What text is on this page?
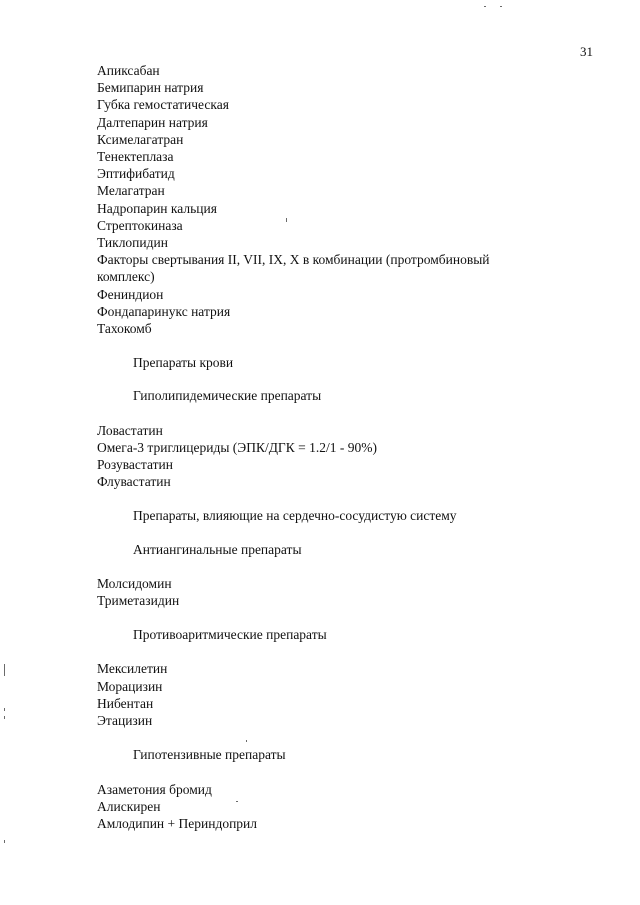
31
Апиксабан
Бемипарин натрия
Губка гемостатическая
Далтепарин натрия
Ксимелагатран
Тенектеплаза
Эптифибатид
Мелагатран
Надропарин кальция
Стрептокиназа
Тиклопидин
Факторы свертывания II, VII, IX, X в комбинации (протромбиновый
комплекс)
Фениндион
Фондапаринукс натрия
Тахокомб
Препараты крови
Гиполипидемические препараты
Ловастатин
Омега-3 триглицериды (ЭПК/ДГК = 1.2/1 - 90%)
Розувастатин
Флувастатин
Препараты, влияющие на сердечно-сосудистую систему
Антиангинальные препараты
Молсидомин
Триметазидин
Противоаритмические препараты
Мексилетин
Морацизин
Нибентан
Этацизин
Гипотензивные препараты
Азаметония бромид
Алискирен
Амлодипин + Периндоприл
